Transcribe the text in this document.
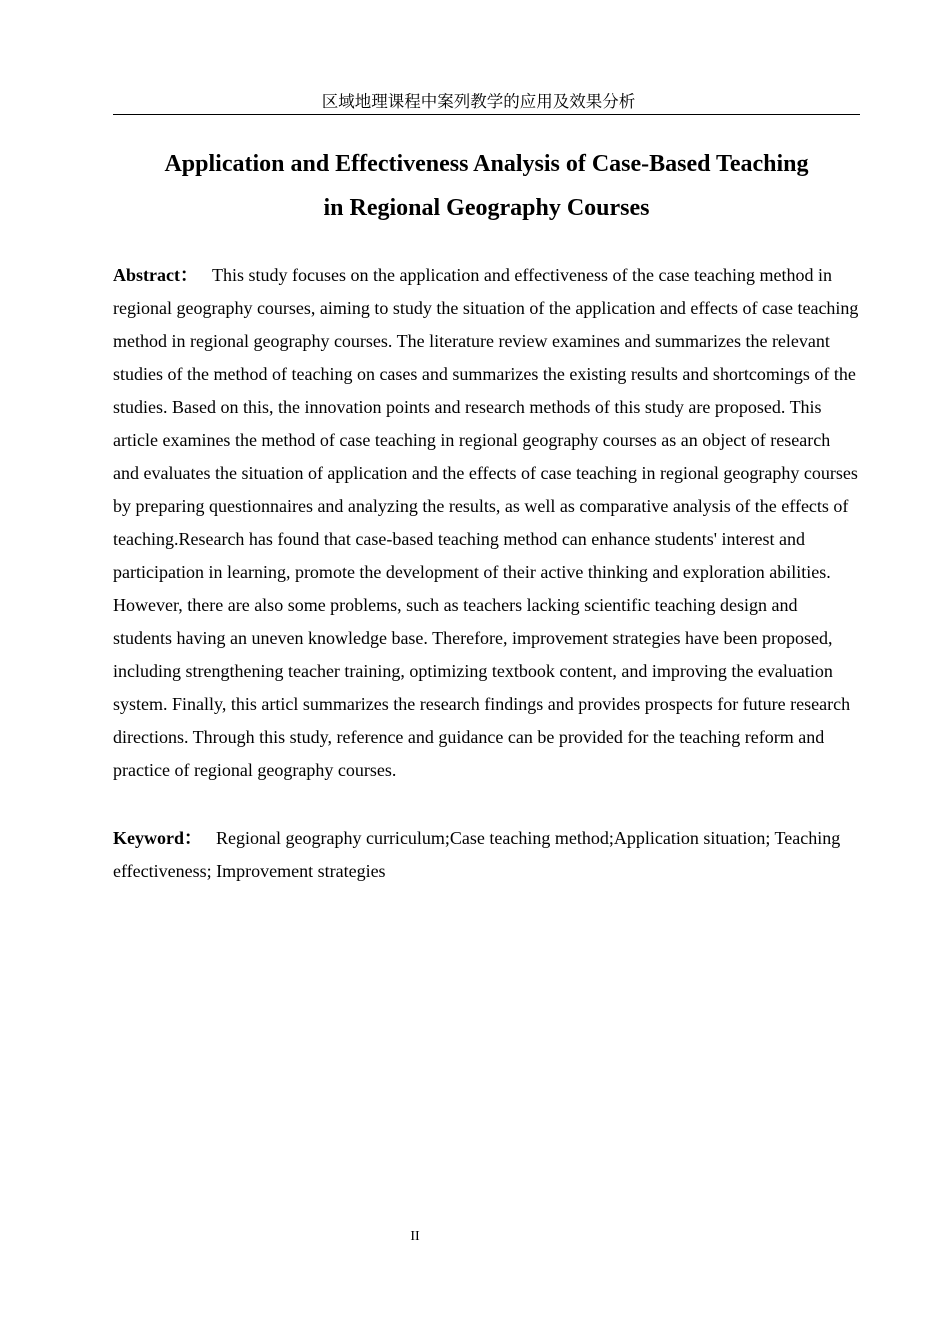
区域地理课程中案列教学的应用及效果分析
Application and Effectiveness Analysis of Case-Based Teaching
in Regional Geography Courses

Abstract： This study focuses on the application and effectiveness of the case teaching method in regional geography courses, aiming to study the situation of the application and effects of case teaching method in regional geography courses. The literature review examines and summarizes the relevant studies of the method of teaching on cases and summarizes the existing results and shortcomings of the studies. Based on this, the innovation points and research methods of this study are proposed. This article examines the method of case teaching in regional geography courses as an object of research and evaluates the situation of application and the effects of case teaching in regional geography courses by preparing questionnaires and analyzing the results, as well as comparative analysis of the effects of teaching.Research has found that case-based teaching method can enhance students' interest and participation in learning, promote the development of their active thinking and exploration abilities. However, there are also some problems, such as teachers lacking scientific teaching design and students having an uneven knowledge base. Therefore, improvement strategies have been proposed, including strengthening teacher training, optimizing textbook content, and improving the evaluation system. Finally, this articl summarizes the research findings and provides prospects for future research directions. Through this study, reference and guidance can be provided for the teaching reform and practice of regional geography courses.

Keyword： Regional geography curriculum;Case teaching method;Application situation; Teaching effectiveness; Improvement strategies

II
